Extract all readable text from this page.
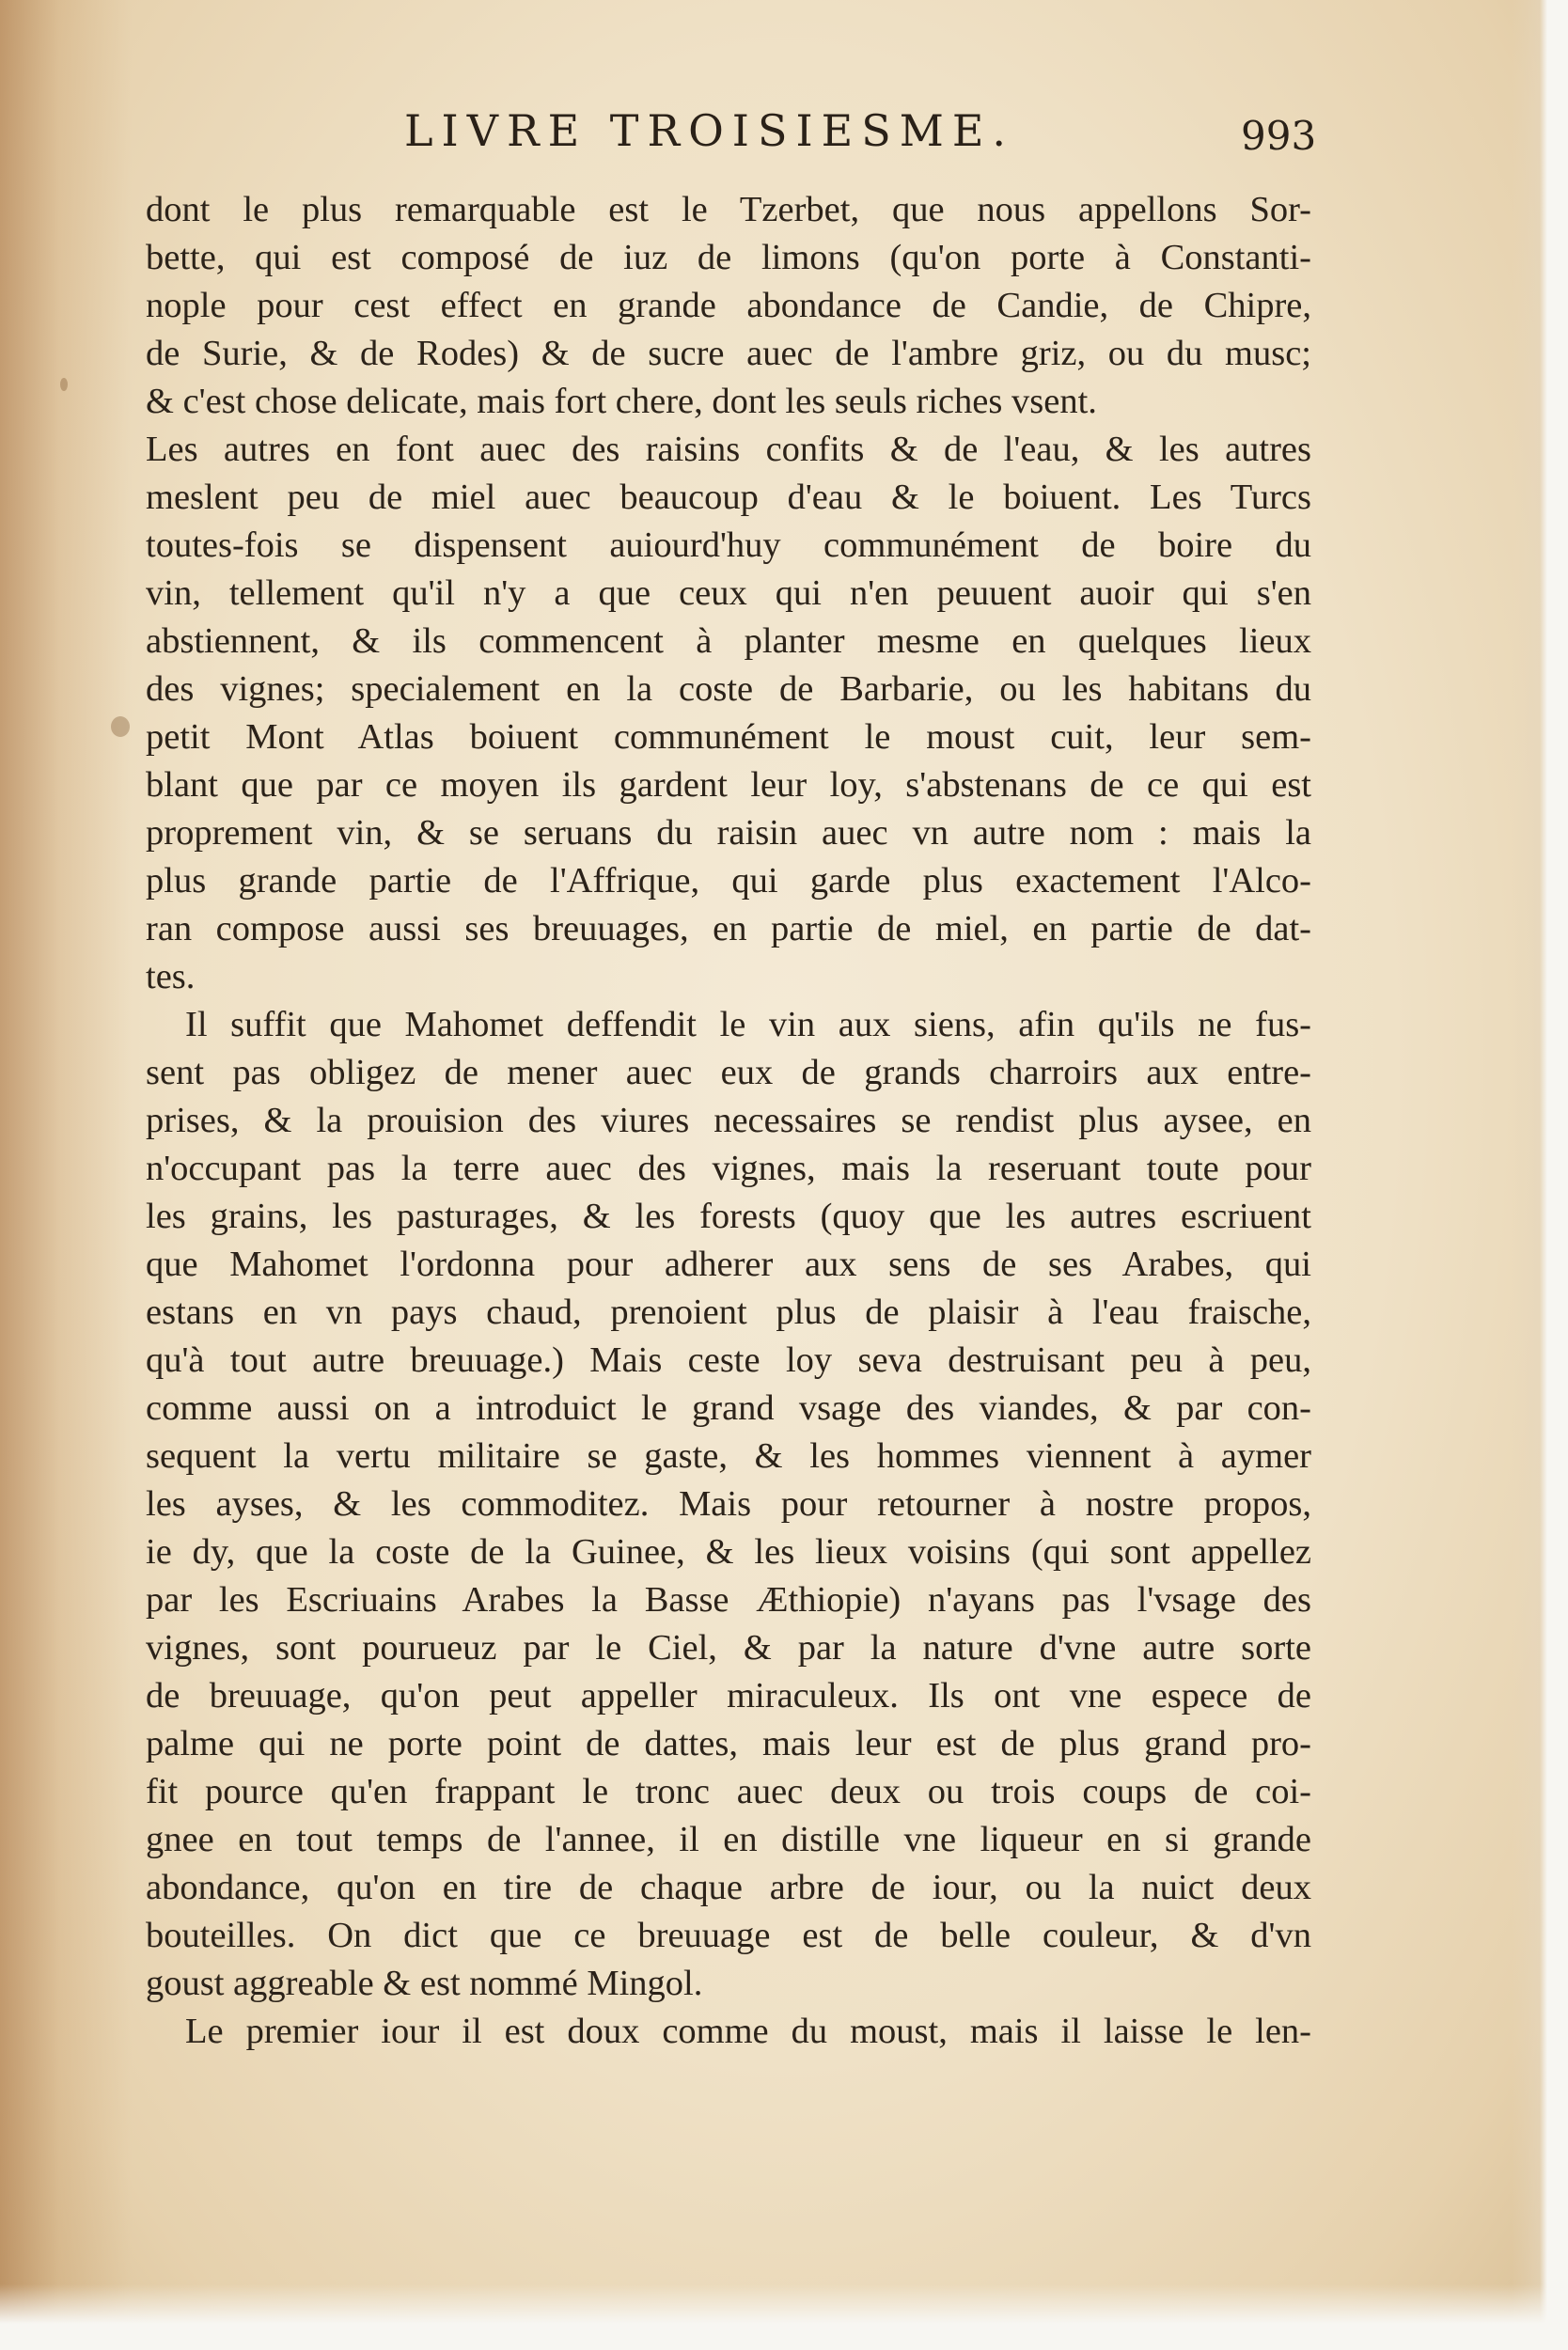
LIVRE TROISIESME.	993
dont le plus remarquable est le Tzerbet, que nous appellons Sor-
bette, qui est composé de iuz de limons (qu'on porte à Constanti-
nople pour cest effect en grande abondance de Candie, de Chipre,
de Surie, & de Rodes) & de sucre auec de l'ambre griz, ou du musc;
& c'est chose delicate, mais fort chere, dont les seuls riches vsent.
Les autres en font auec des raisins confits & de l'eau, & les autres
meslent peu de miel auec beaucoup d'eau & le boiuent. Les Turcs
toutes-fois se dispensent auiourd'huy communément de boire du
vin, tellement qu'il n'y a que ceux qui n'en peuuent auoir qui s'en
abstiennent, & ils commencent à planter mesme en quelques lieux
des vignes; specialement en la coste de Barbarie, ou les habitans du
petit Mont Atlas boiuent communément le moust cuit, leur sem-
blant que par ce moyen ils gardent leur loy, s'abstenans de ce qui est
proprement vin, & se seruans du raisin auec vn autre nom : mais la
plus grande partie de l'Affrique, qui garde plus exactement l'Alco-
ran compose aussi ses breuuages, en partie de miel, en partie de dat-
tes.
Il suffit que Mahomet deffendit le vin aux siens, afin qu'ils ne fus-
sent pas obligez de mener auec eux de grands charroirs aux entre-
prises, & la prouision des viures necessaires se rendist plus aysee, en
n'occupant pas la terre auec des vignes, mais la reseruant toute pour
les grains, les pasturages, & les forests (quoy que les autres escriuent
que Mahomet l'ordonna pour adherer aux sens de ses Arabes, qui
estans en vn pays chaud, prenoient plus de plaisir à l'eau fraische,
qu'à tout autre breuuage.) Mais ceste loy seva destruisant peu à peu,
comme aussi on a introduict le grand vsage des viandes, & par con-
sequent la vertu militaire se gaste, & les hommes viennent à aymer
les ayses, & les commoditez. Mais pour retourner à nostre propos,
ie dy, que la coste de la Guinee, & les lieux voisins (qui sont appellez
par les Escriuains Arabes la Basse Æthiopie) n'ayans pas l'vsage des
vignes, sont pourueuz par le Ciel, & par la nature d'vne autre sorte
de breuuage, qu'on peut appeller miraculeux. Ils ont vne espece de
palme qui ne porte point de dattes, mais leur est de plus grand pro-
fit pource qu'en frappant le tronc auec deux ou trois coups de coi-
gnee en tout temps de l'annee, il en distille vne liqueur en si grande
abondance, qu'on en tire de chaque arbre de iour, ou la nuict deux
bouteilles. On dict que ce breuuage est de belle couleur, & d'vn
goust aggreable & est nommé Mingol.
Le premier iour il est doux comme du moust, mais il laisse le len-
